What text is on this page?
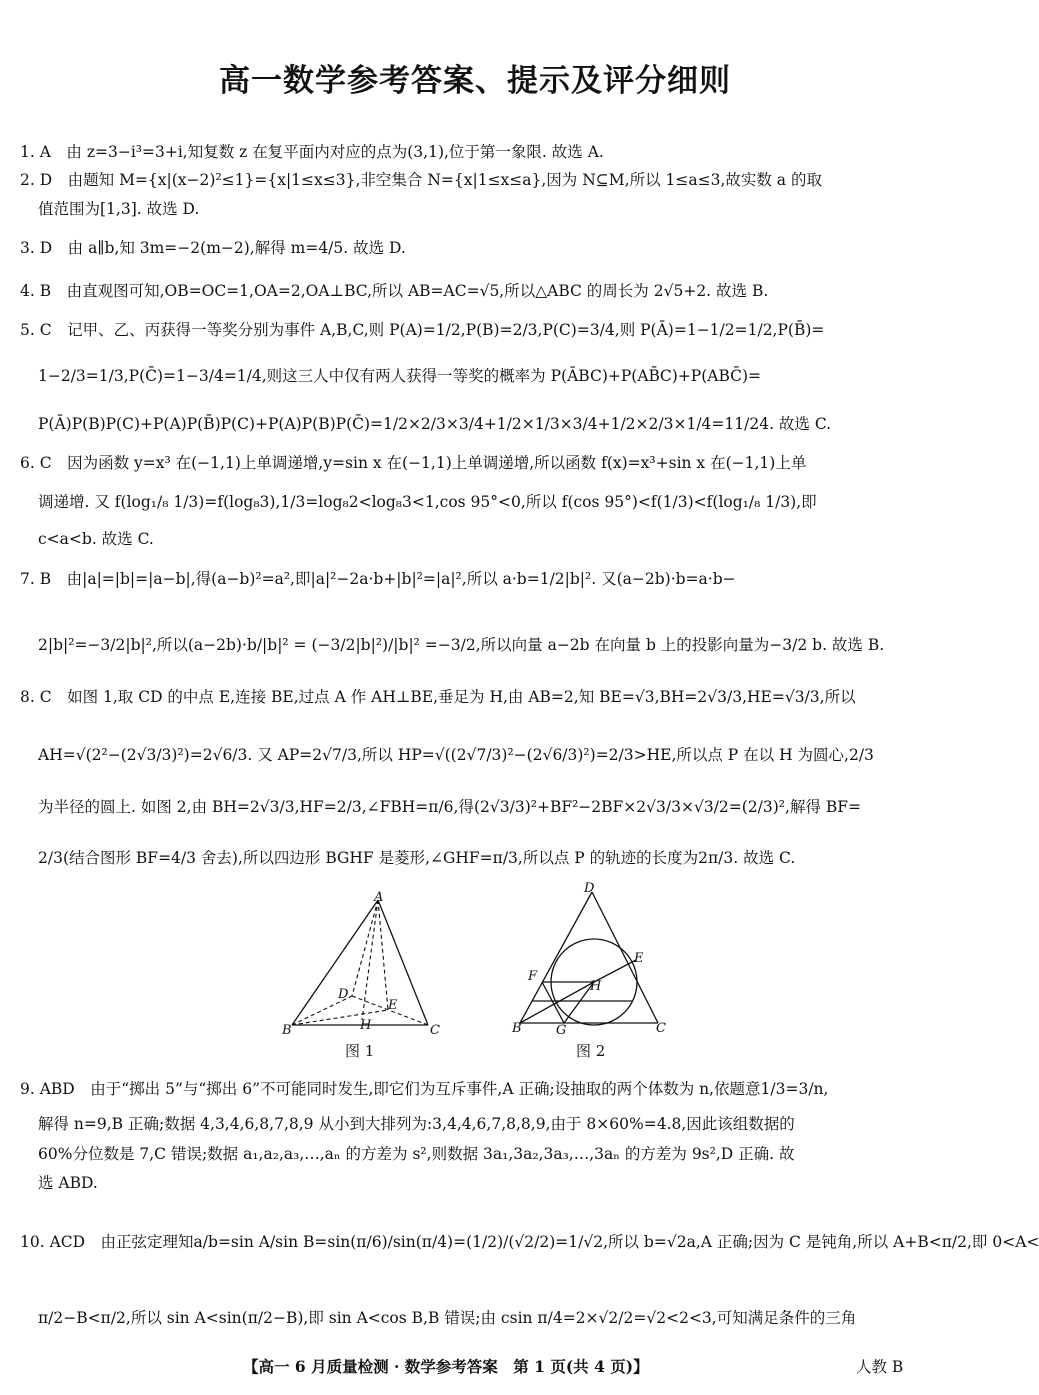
高一数学参考答案、提示及评分细则
1. A　由 z=3−i³=3+i,知复数 z 在复平面内对应的点为(3,1),位于第一象限. 故选 A.
2. D　由题知 M={x|(x−2)²≤1}={x|1≤x≤3},非空集合 N={x|1≤x≤a},因为 N⊆M,所以 1≤a≤3,故实数 a 的取
值范围为[1,3]. 故选 D.
3. D　由 a∥b,知 3m=−2(m−2),解得 m=4/5. 故选 D.
4. B　由直观图可知,OB=OC=1,OA=2,OA⊥BC,所以 AB=AC=√5,所以△ABC 的周长为 2√5+2. 故选 B.
5. C　记甲、乙、丙获得一等奖分别为事件 A,B,C,则 P(A)=1/2,P(B)=2/3,P(C)=3/4,则 P(Ā)=1−1/2=1/2,P(B̄)=
1−2/3=1/3,P(C̄)=1−3/4=1/4,则这三人中仅有两人获得一等奖的概率为 P(ĀBC)+P(AB̄C)+P(ABC̄)=
P(Ā)P(B)P(C)+P(A)P(B̄)P(C)+P(A)P(B)P(C̄)=1/2×2/3×3/4+1/2×1/3×3/4+1/2×2/3×1/4=11/24. 故选 C.
6. C　因为函数 y=x³ 在(−1,1)上单调递增,y=sin x 在(−1,1)上单调递增,所以函数 f(x)=x³+sin x 在(−1,1)上单
调递增. 又 f(log₁/₈ 1/3)=f(log₈3),1/3=log₈2<log₈3<1,cos 95°<0,所以 f(cos 95°)<f(1/3)<f(log₁/₈ 1/3),即
c<a<b. 故选 C.
7. B　由|a|=|b|=|a−b|,得(a−b)²=a²,即|a|²−2a·b+|b|²=|a|²,所以 a·b=1/2|b|². 又(a−2b)·b=a·b−
2|b|²=−3/2|b|²,所以(a−2b)·b/|b|² = (−3/2|b|²)/|b|² =−3/2,所以向量 a−2b 在向量 b 上的投影向量为−3/2 b. 故选 B.
8. C　如图 1,取 CD 的中点 E,连接 BE,过点 A 作 AH⊥BE,垂足为 H,由 AB=2,知 BE=√3,BH=2√3/3,HE=√3/3,所以
AH=√(2²−(2√3/3)²)=2√6/3. 又 AP=2√7/3,所以 HP=√((2√7/3)²−(2√6/3)²)=2/3>HE,所以点 P 在以 H 为圆心,2/3
为半径的圆上. 如图 2,由 BH=2√3/3,HF=2/3,∠FBH=π/6,得(2√3/3)²+BF²−2BF×2√3/3×√3/2=(2/3)²,解得 BF=
2/3(结合图形 BF=4/3 舍去),所以四边形 BGHF 是菱形,∠GHF=π/3,所以点 P 的轨迹的长度为2π/3. 故选 C.
A
B	C
D
E
H
图 1
D
E
F
H
B	G	C
图 2
9. ABD　由于“掷出 5”与“掷出 6”不可能同时发生,即它们为互斥事件,A 正确;设抽取的两个体数为 n,依题意1/3=3/n,
解得 n=9,B 正确;数据 4,3,4,6,8,7,8,9 从小到大排列为:3,4,4,6,7,8,8,9,由于 8×60%=4.8,因此该组数据的
60%分位数是 7,C 错误;数据 a₁,a₂,a₃,…,aₙ 的方差为 s²,则数据 3a₁,3a₂,3a₃,…,3aₙ 的方差为 9s²,D 正确. 故
选 ABD.
10. ACD　由正弦定理知a/b=sin A/sin B=sin(π/6)/sin(π/4)=(1/2)/(√2/2)=1/√2,所以 b=√2a,A 正确;因为 C 是钝角,所以 A+B<π/2,即 0<A<
π/2−B<π/2,所以 sin A<sin(π/2−B),即 sin A<cos B,B 错误;由 csin π/4=2×√2/2=√2<2<3,可知满足条件的三角
【高一 6 月质量检测 · 数学参考答案　第 1 页(共 4 页)】	人教 B
